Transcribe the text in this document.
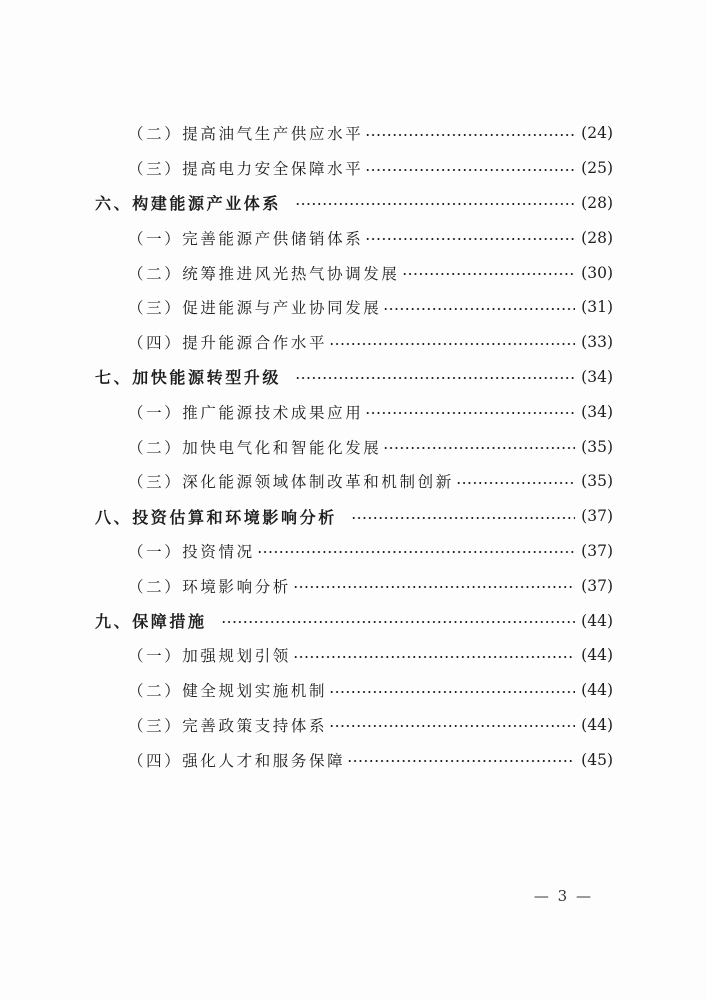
（二）提高油气生产供应水平	(24)
（三）提高电力安全保障水平	(25)
六、构建能源产业体系	(28)
（一）完善能源产供储销体系	(28)
（二）统筹推进风光热气协调发展	(30)
（三）促进能源与产业协同发展	(31)
（四）提升能源合作水平	(33)
七、加快能源转型升级	(34)
（一）推广能源技术成果应用	(34)
（二）加快电气化和智能化发展	(35)
（三）深化能源领域体制改革和机制创新	(35)
八、投资估算和环境影响分析	(37)
（一）投资情况	(37)
（二）环境影响分析	(37)
九、保障措施	(44)
（一）加强规划引领	(44)
（二）健全规划实施机制	(44)
（三）完善政策支持体系	(44)
（四）强化人才和服务保障	(45)
— 3 —
